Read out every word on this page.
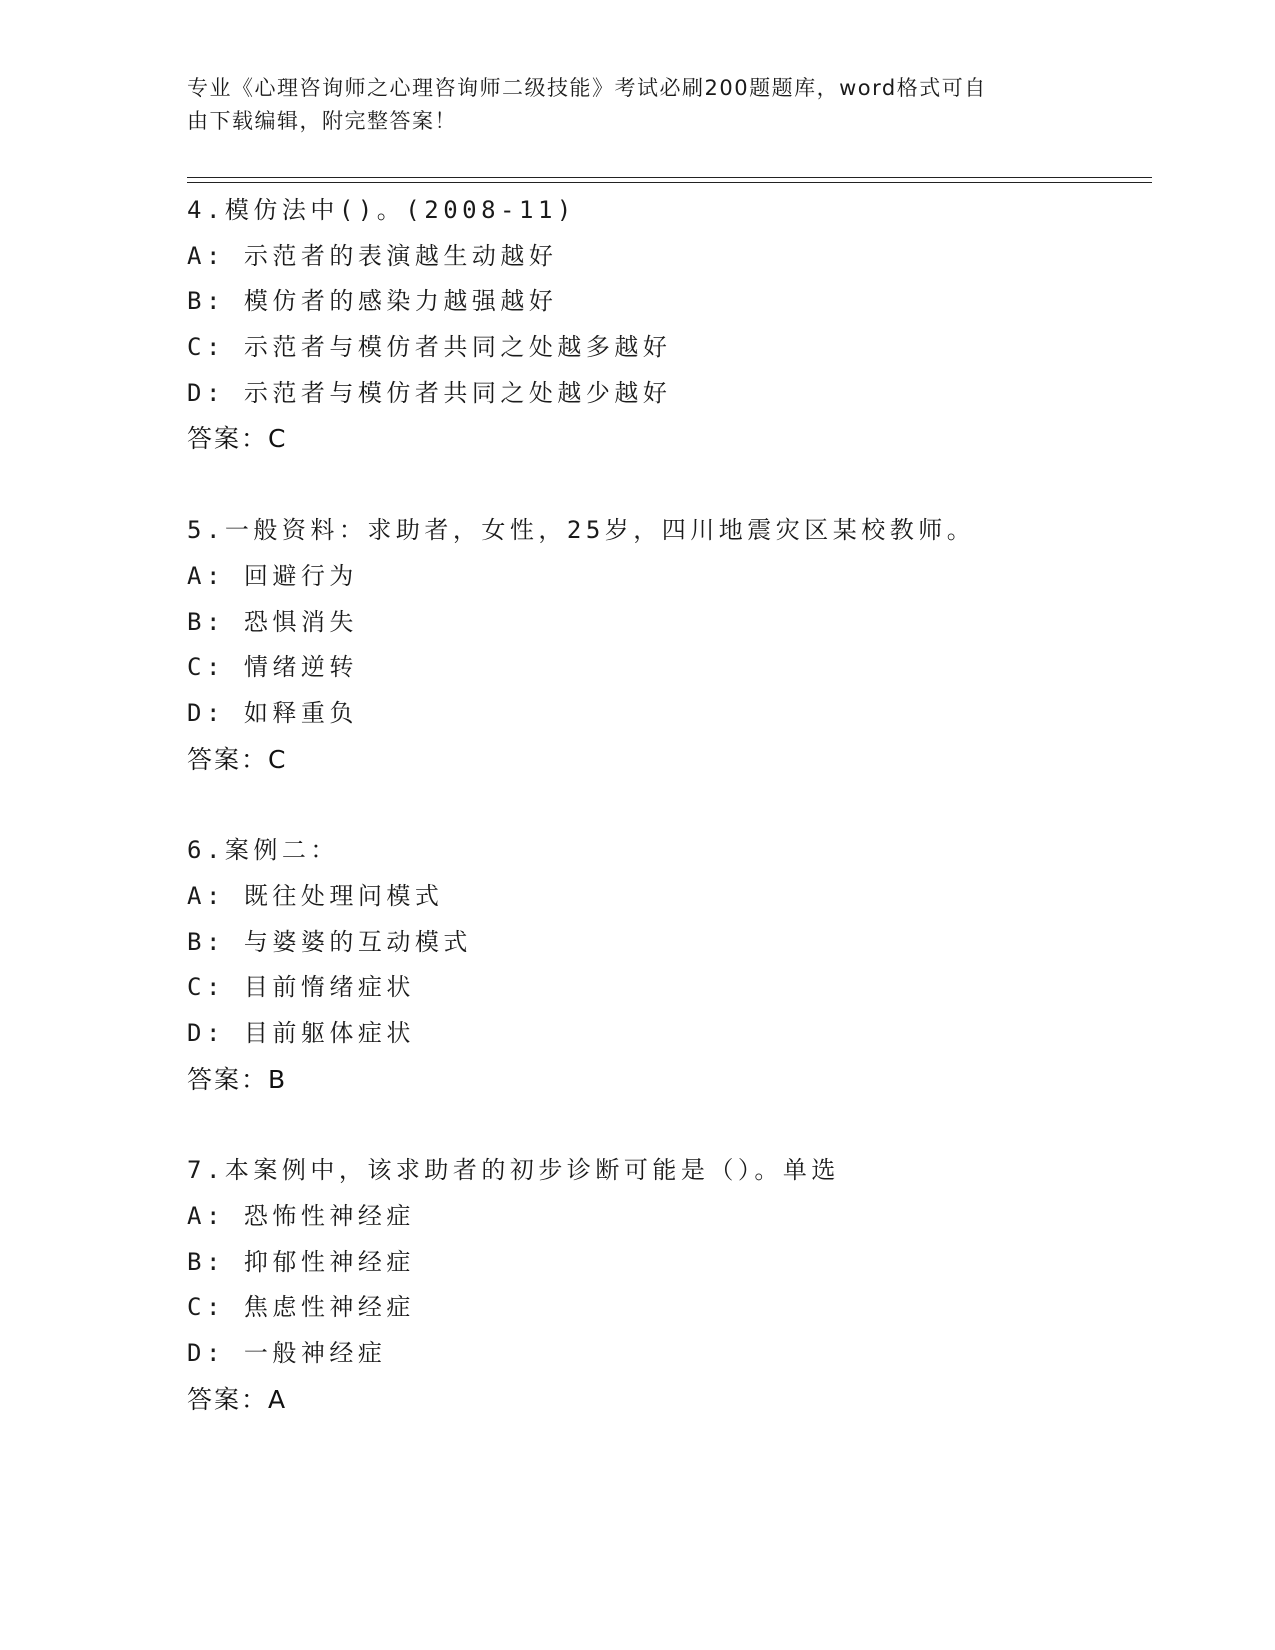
专业《心理咨询师之心理咨询师二级技能》考试必刷200题题库，word格式可自
由下载编辑，附完整答案！
4.模仿法中()。(2008-11)
A: 示范者的表演越生动越好
B: 模仿者的感染力越强越好
C: 示范者与模仿者共同之处越多越好
D: 示范者与模仿者共同之处越少越好
答案：C
5.一般资料：求助者，女性，25岁，四川地震灾区某校教师。
A: 回避行为
B: 恐惧消失
C: 情绪逆转
D: 如释重负
答案：C
6.案例二：
A: 既往处理问模式
B: 与婆婆的互动模式
C: 目前惰绪症状
D: 目前躯体症状
答案：B
7.本案例中，该求助者的初步诊断可能是（）。单选
A: 恐怖性神经症
B: 抑郁性神经症
C: 焦虑性神经症
D: 一般神经症
答案：A
